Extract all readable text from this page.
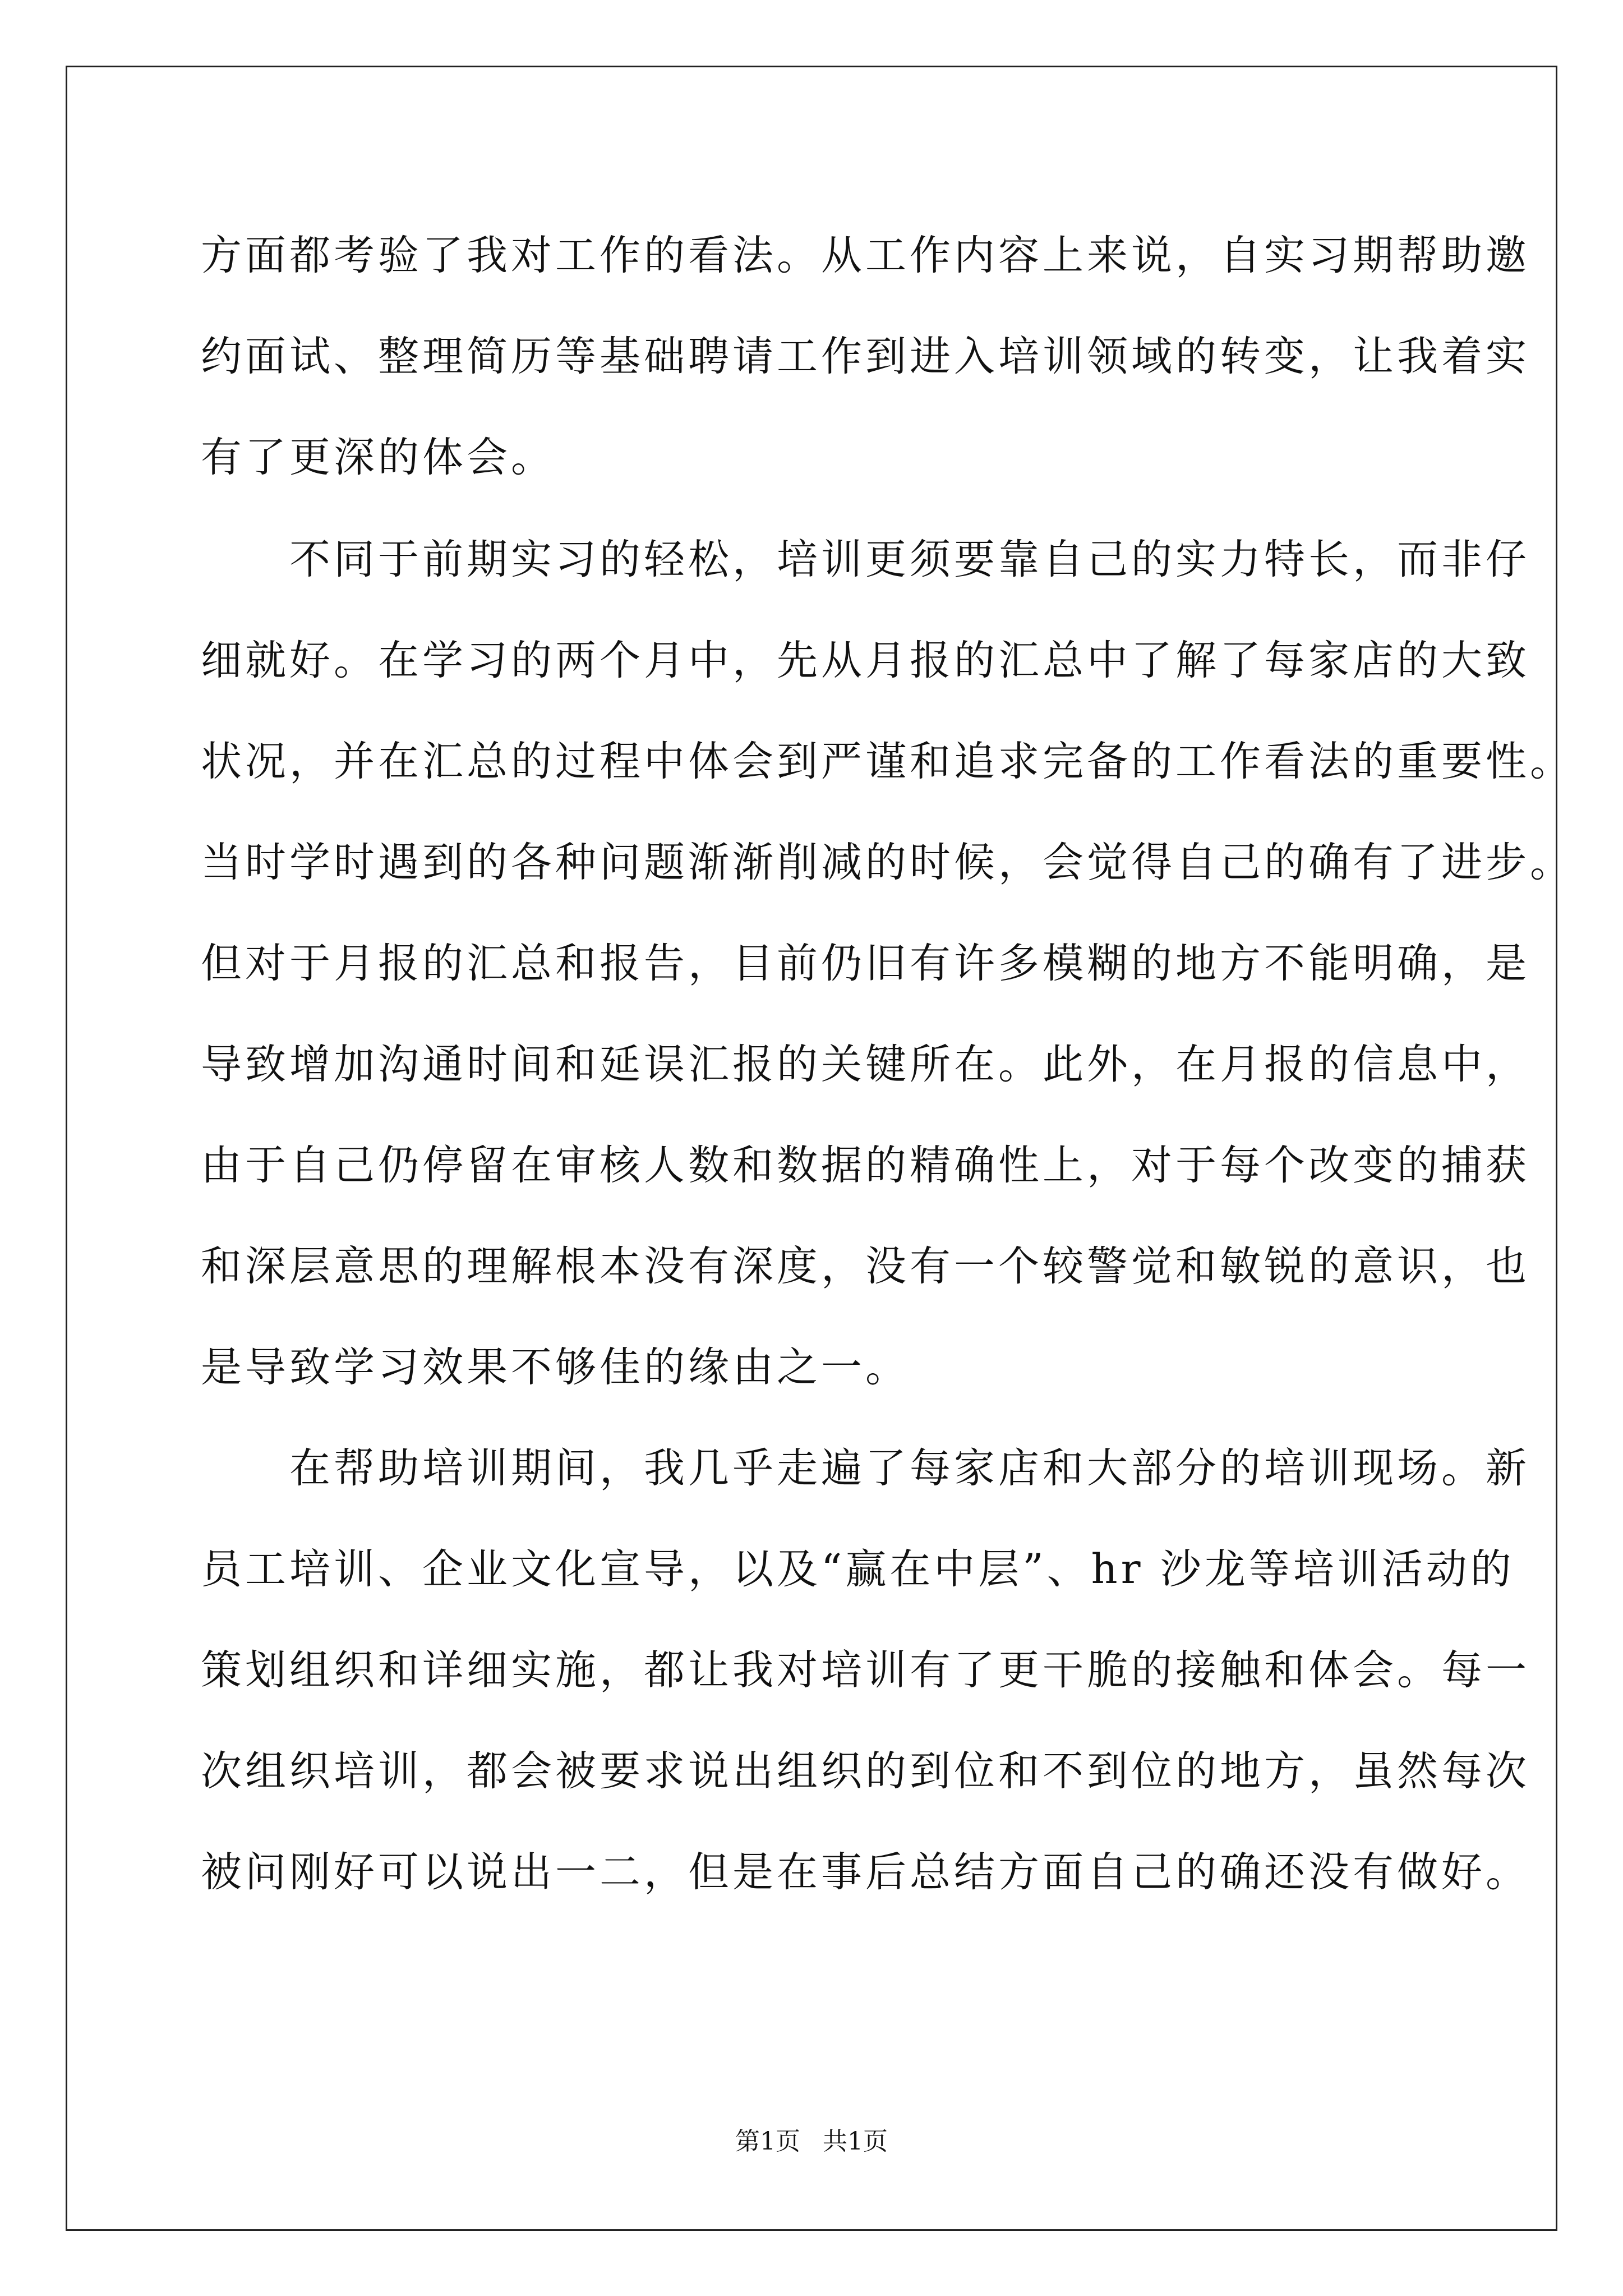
方面都考验了我对工作的看法。从工作内容上来说，自实习期帮助邀
约面试、整理简历等基础聘请工作到进入培训领域的转变，让我着实
有了更深的体会。
　　不同于前期实习的轻松，培训更须要靠自己的实力特长，而非仔
细就好。在学习的两个月中，先从月报的汇总中了解了每家店的大致
状况，并在汇总的过程中体会到严谨和追求完备的工作看法的重要性。
当时学时遇到的各种问题渐渐削减的时候，会觉得自己的确有了进步。
但对于月报的汇总和报告，目前仍旧有许多模糊的地方不能明确，是
导致增加沟通时间和延误汇报的关键所在。此外，在月报的信息中，
由于自己仍停留在审核人数和数据的精确性上，对于每个改变的捕获
和深层意思的理解根本没有深度，没有一个较警觉和敏锐的意识，也
是导致学习效果不够佳的缘由之一。
　　在帮助培训期间，我几乎走遍了每家店和大部分的培训现场。新
员工培训、企业文化宣导，以及“赢在中层”、hr 沙龙等培训活动的
策划组织和详细实施，都让我对培训有了更干脆的接触和体会。每一
次组织培训，都会被要求说出组织的到位和不到位的地方，虽然每次
被问刚好可以说出一二，但是在事后总结方面自己的确还没有做好。
第1页 共1页
